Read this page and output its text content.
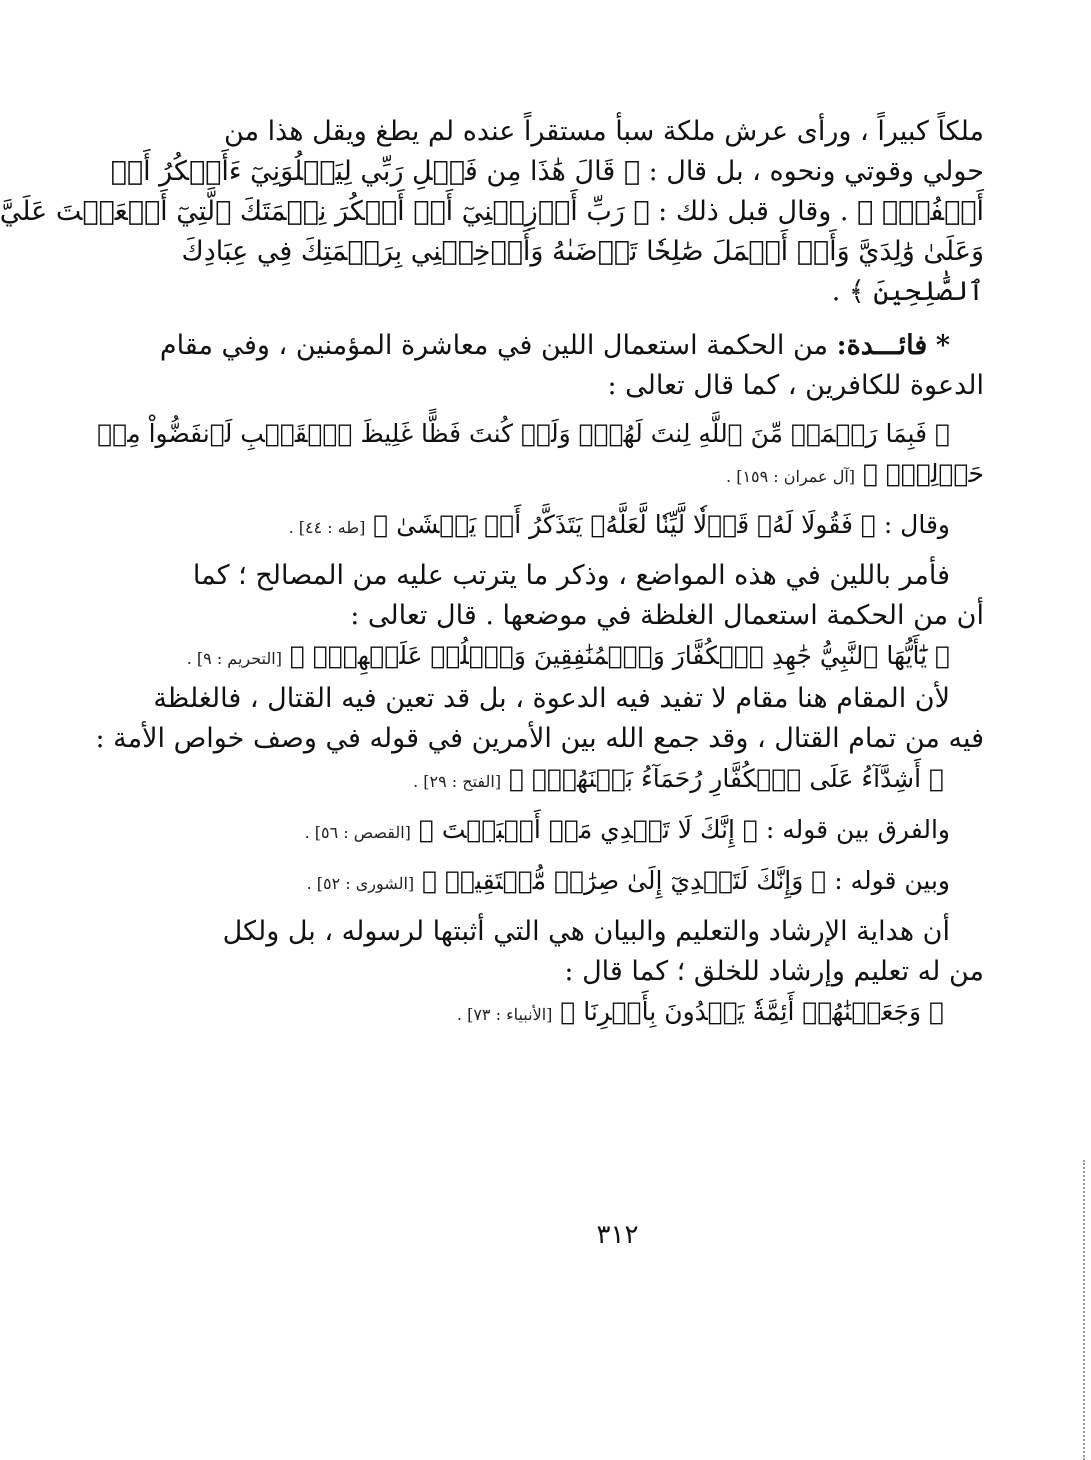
ملكاً كبيراً ، ورأى عرش ملكة سبأ مستقراً عنده لم يطغ ويقل هذا من
حولي وقوتي ونحوه ، بل قال : ﴿ قَالَ هَٰذَا مِن فَضۡلِ رَبِّي لِيَبۡلُوَنِيٓ ءَأَشۡكُرُ أَمۡ
أَكۡفُرُۖ ﴾ . وقال قبل ذلك : ﴿ رَبِّ أَوۡزِعۡنِيٓ أَنۡ أَشۡكُرَ نِعۡمَتَكَ ٱلَّتِيٓ أَنۡعَمۡتَ عَلَيَّ
وَعَلَىٰ وَٰلِدَيَّ وَأَنۡ أَعۡمَلَ صَٰلِحٗا تَرۡضَىٰهُ وَأَدۡخِلۡنِي بِرَحۡمَتِكَ فِي عِبَادِكَ
ٱلصَّٰلِحِينَ ﴾ .
* فائـــدة: من الحكمة استعمال اللين في معاشرة المؤمنين ، وفي مقام
الدعوة للكافرين ، كما قال تعالى :
﴿ فَبِمَا رَحۡمَةٖ مِّنَ ٱللَّهِ لِنتَ لَهُمۡۖ وَلَوۡ كُنتَ فَظًّا غَلِيظَ ٱلۡقَلۡبِ لَٱنفَضُّواْ مِنۡ
حَوۡلِكَۖ ﴾ [آل عمران : ١٥٩] .
وقال : ﴿ فَقُولَا لَهُۥ قَوۡلٗا لَّيِّنٗا لَّعَلَّهُۥ يَتَذَكَّرُ أَوۡ يَخۡشَىٰ ﴾ [طه : ٤٤] .
فأمر باللين في هذه المواضع ، وذكر ما يترتب عليه من المصالح ؛ كما
أن من الحكمة استعمال الغلظة في موضعها . قال تعالى :
﴿ يَٰٓأَيُّهَا ٱلنَّبِيُّ جَٰهِدِ ٱلۡكُفَّارَ وَٱلۡمُنَٰفِقِينَ وَٱغۡلُظۡ عَلَيۡهِمۡۚ ﴾ [التحريم : ٩] .
لأن المقام هنا مقام لا تفيد فيه الدعوة ، بل قد تعين فيه القتال ، فالغلظة
فيه من تمام القتال ، وقد جمع الله بين الأمرين في قوله في وصف خواص الأمة :
﴿ أَشِدَّآءُ عَلَى ٱلۡكُفَّارِ رُحَمَآءُ بَيۡنَهُمۡۖ ﴾ [الفتح : ٢٩] .
والفرق بين قوله : ﴿ إِنَّكَ لَا تَهۡدِي مَنۡ أَحۡبَبۡتَ ﴾ [القصص : ٥٦] .
وبين قوله : ﴿ وَإِنَّكَ لَتَهۡدِيٓ إِلَىٰ صِرَٰطٖ مُّسۡتَقِيمٖ ﴾ [الشورى : ٥٢] .
أن هداية الإرشاد والتعليم والبيان هي التي أثبتها لرسوله ، بل ولكل
من له تعليم وإرشاد للخلق ؛ كما قال :
﴿ وَجَعَلۡنَٰهُمۡ أَئِمَّةٗ يَهۡدُونَ بِأَمۡرِنَا ﴾ [الأنبياء : ٧٣] .
٣١٢
